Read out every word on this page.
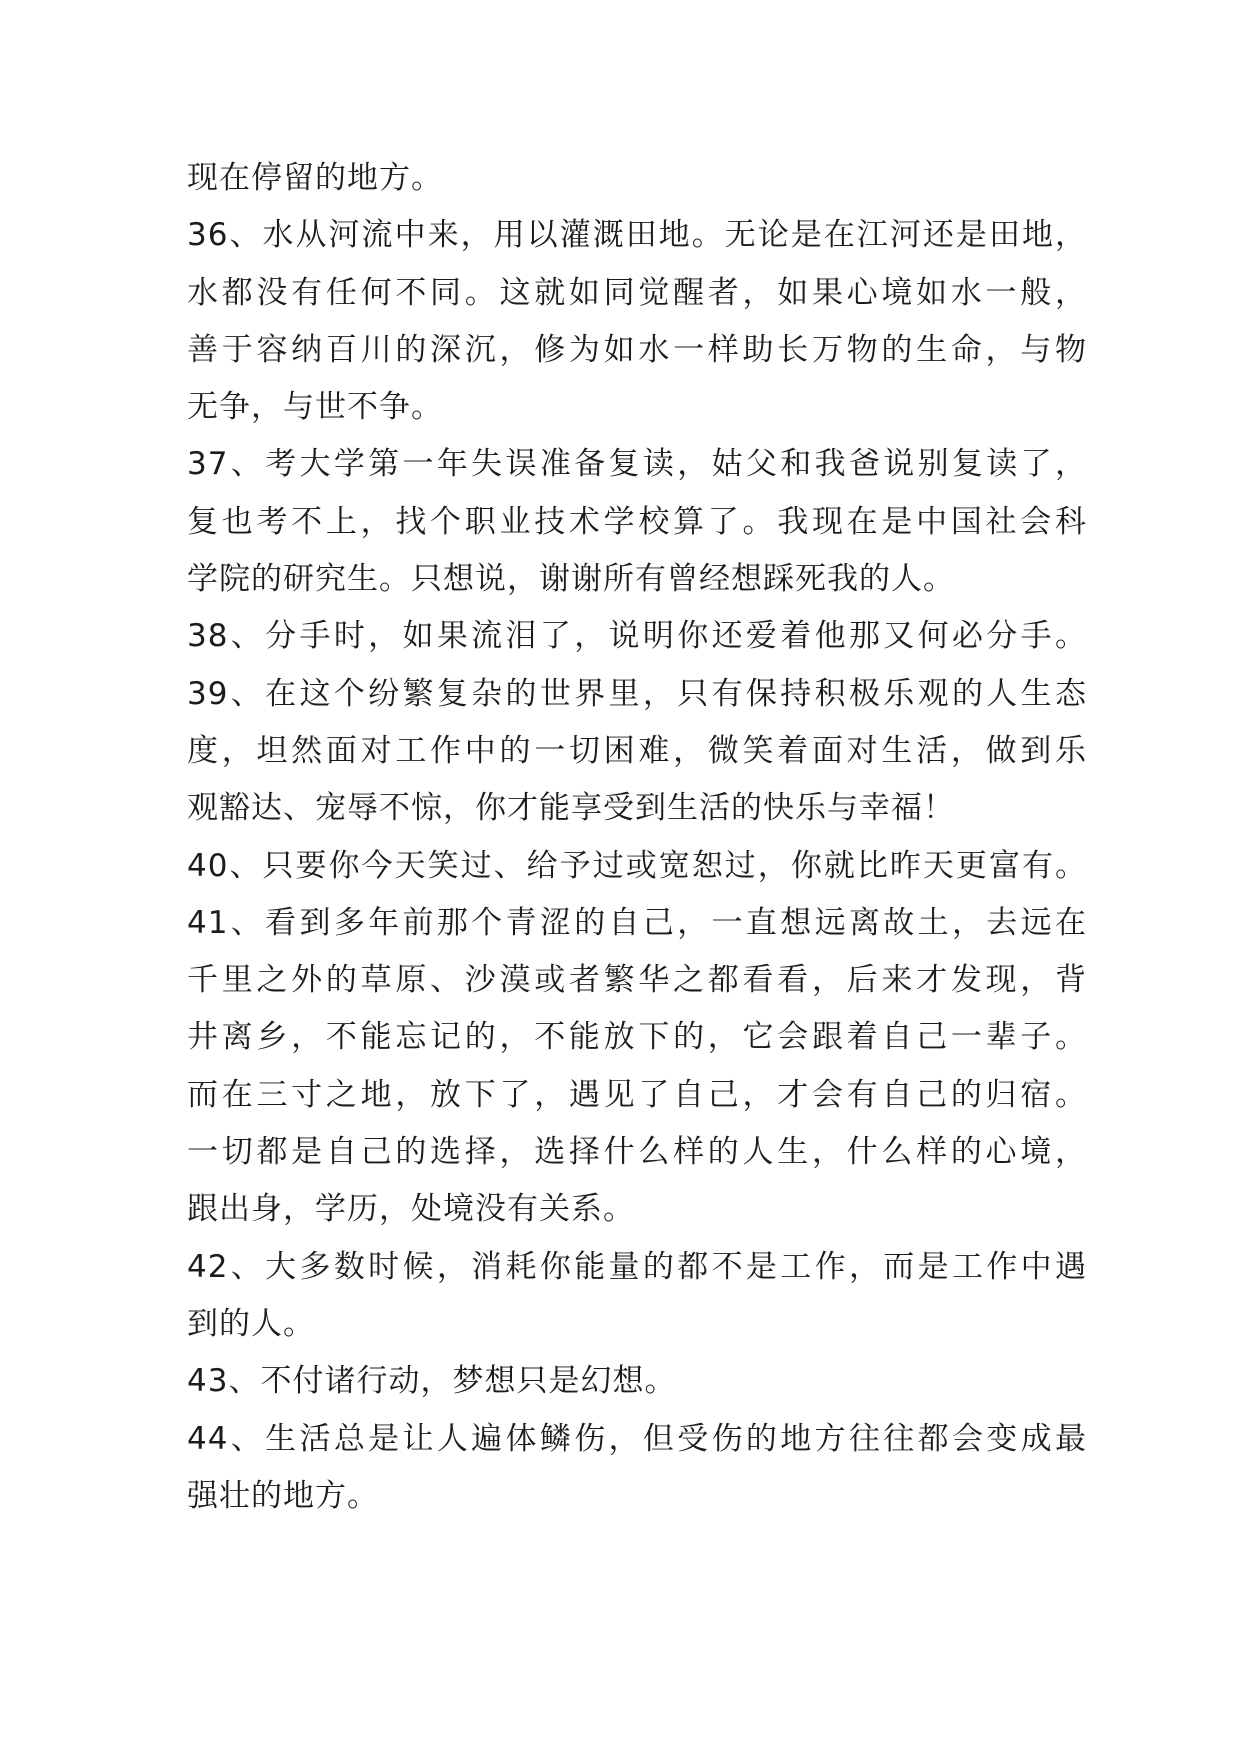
现在停留的地方。
36、水从河流中来，用以灌溉田地。无论是在江河还是田地，
水都没有任何不同。这就如同觉醒者，如果心境如水一般，
善于容纳百川的深沉，修为如水一样助长万物的生命，与物
无争，与世不争。
37、考大学第一年失误准备复读，姑父和我爸说别复读了，
复也考不上，找个职业技术学校算了。我现在是中国社会科
学院的研究生。只想说，谢谢所有曾经想踩死我的人。
38、分手时，如果流泪了，说明你还爱着他那又何必分手。
39、在这个纷繁复杂的世界里，只有保持积极乐观的人生态
度，坦然面对工作中的一切困难，微笑着面对生活，做到乐
观豁达、宠辱不惊，你才能享受到生活的快乐与幸福！
40、只要你今天笑过、给予过或宽恕过，你就比昨天更富有。
41、看到多年前那个青涩的自己，一直想远离故土，去远在
千里之外的草原、沙漠或者繁华之都看看，后来才发现，背
井离乡，不能忘记的，不能放下的，它会跟着自己一辈子。
而在三寸之地，放下了，遇见了自己，才会有自己的归宿。
一切都是自己的选择，选择什么样的人生，什么样的心境，
跟出身，学历，处境没有关系。
42、大多数时候，消耗你能量的都不是工作，而是工作中遇
到的人。
43、不付诸行动，梦想只是幻想。
44、生活总是让人遍体鳞伤，但受伤的地方往往都会变成最
强壮的地方。
